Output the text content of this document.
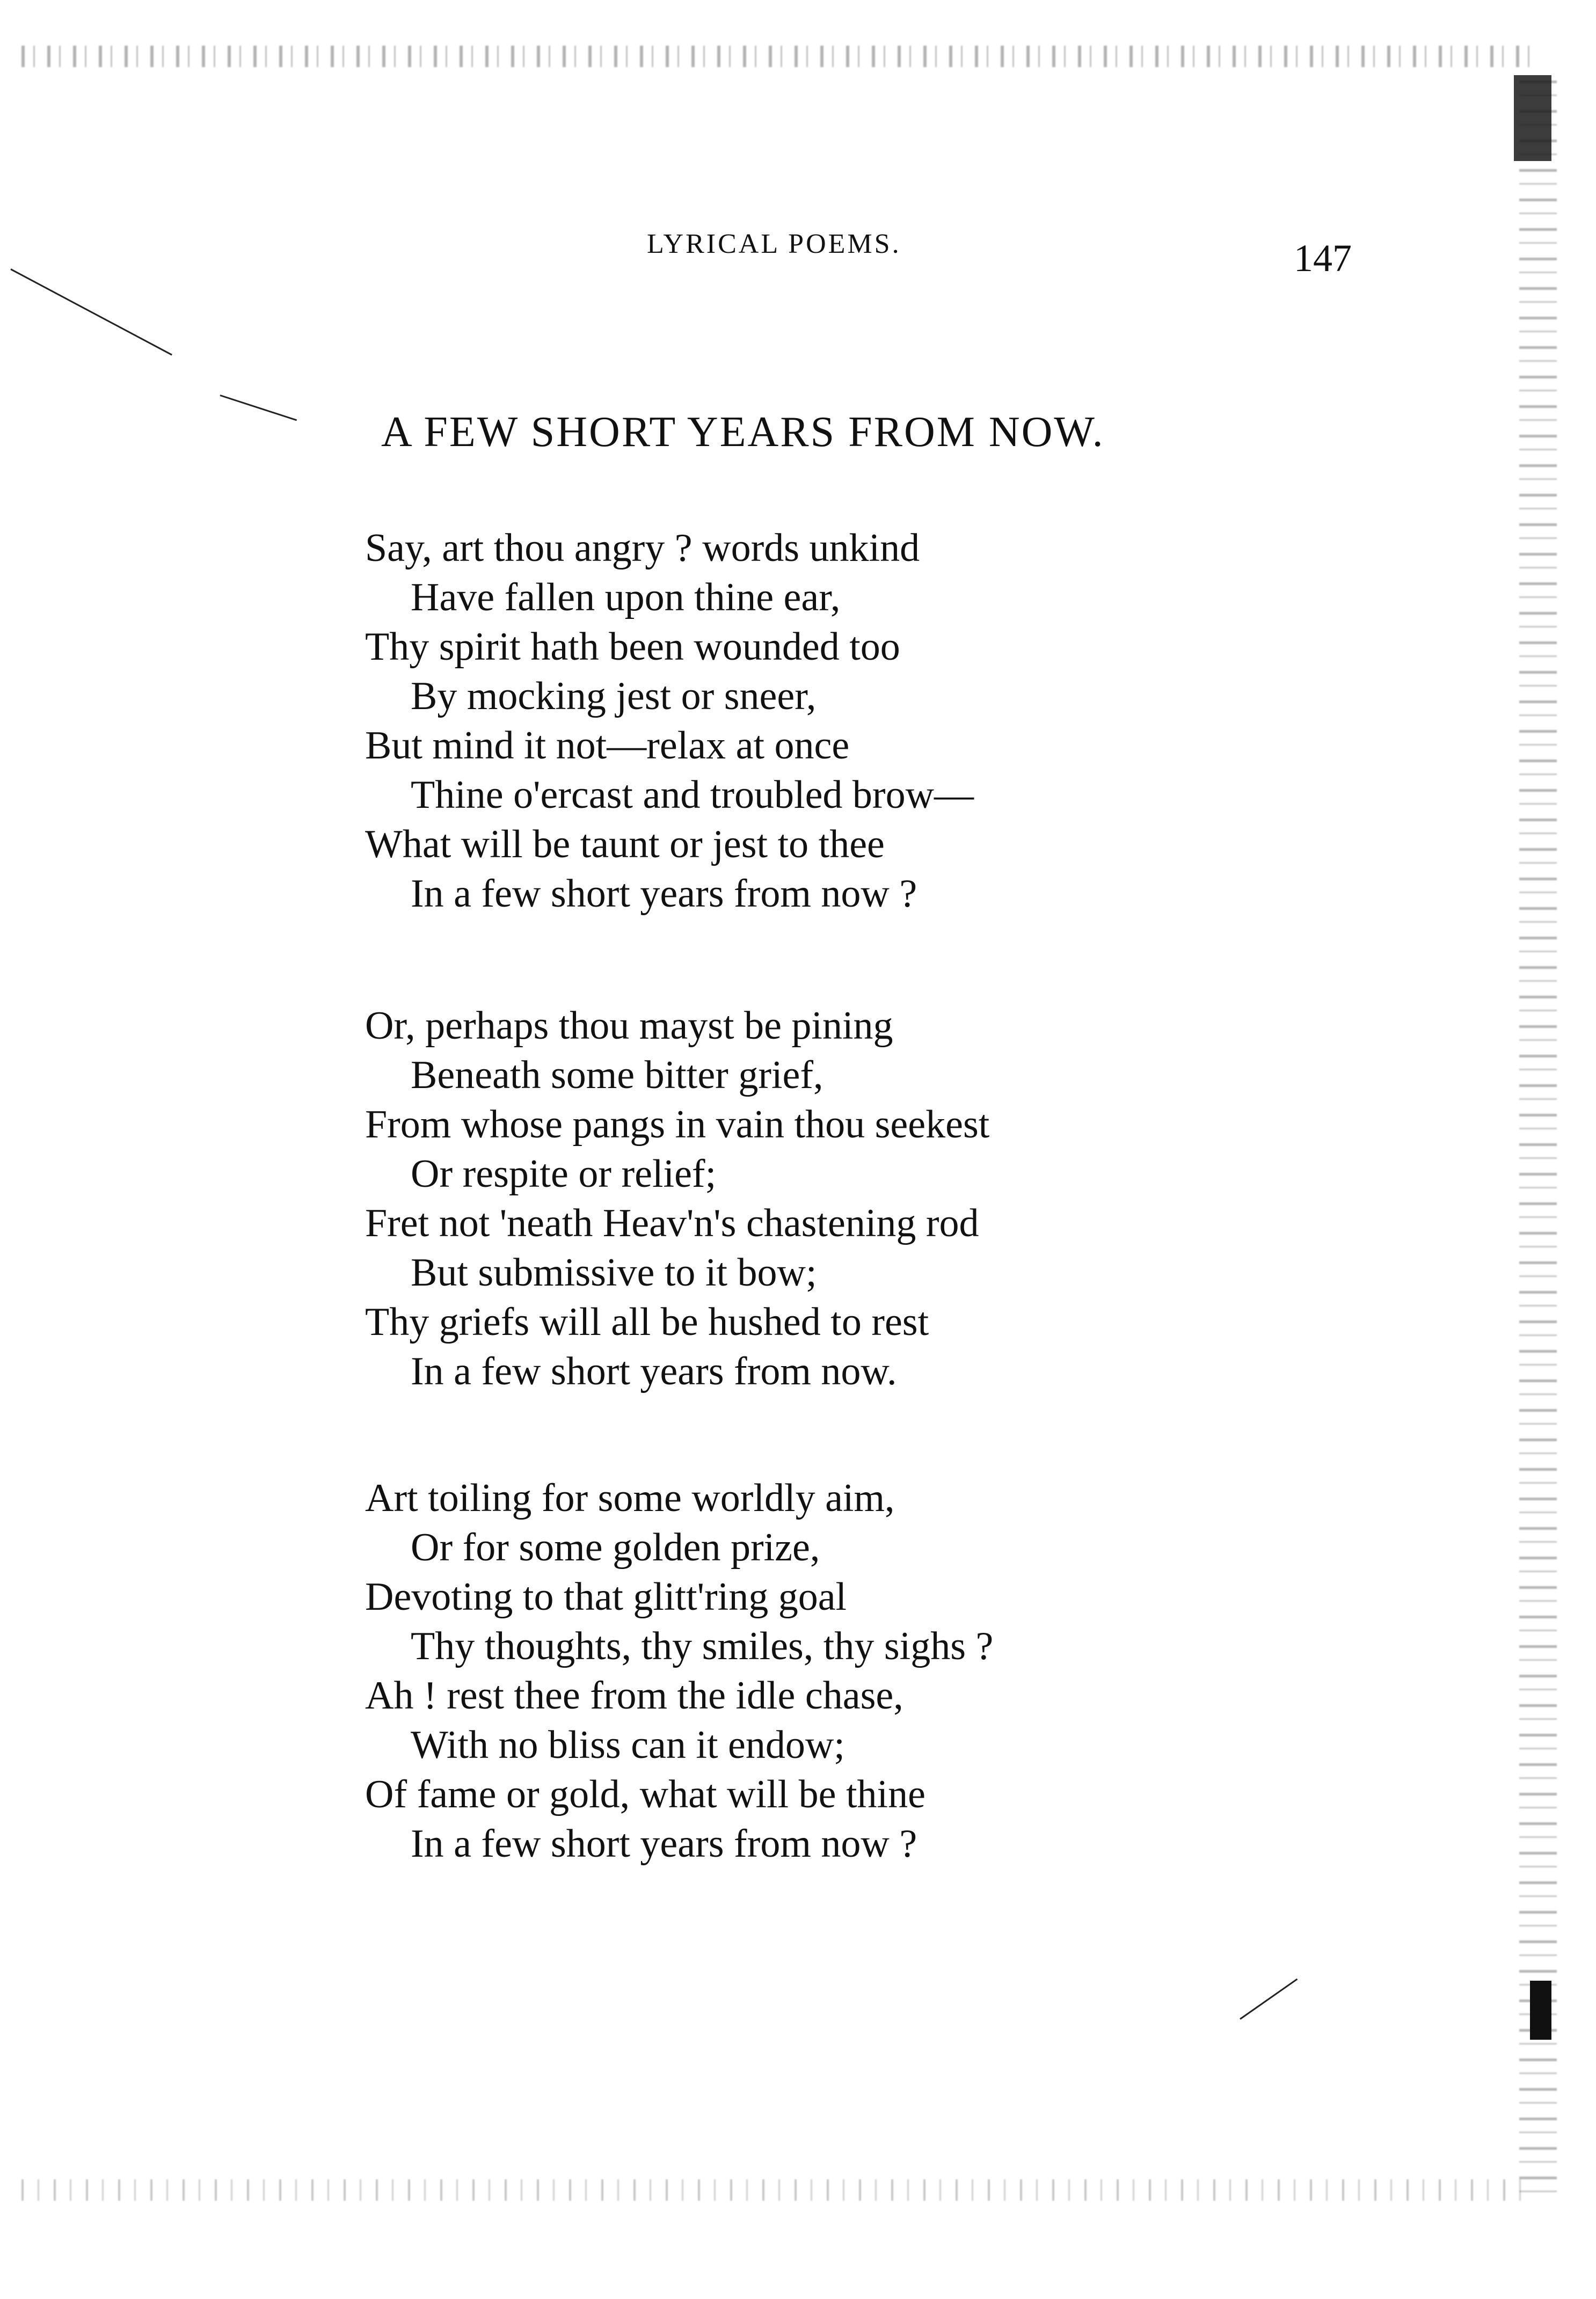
LYRICAL POEMS.	147
A FEW SHORT YEARS FROM NOW.
Say, art thou angry ? words unkind
Have fallen upon thine ear,
Thy spirit hath been wounded too
By mocking jest or sneer,
But mind it not—relax at once
Thine o'ercast and troubled brow—
What will be taunt or jest to thee
In a few short years from now ?
Or, perhaps thou mayst be pining
Beneath some bitter grief,
From whose pangs in vain thou seekest
Or respite or relief;
Fret not 'neath Heav'n's chastening rod
But submissive to it bow;
Thy griefs will all be hushed to rest
In a few short years from now.
Art toiling for some worldly aim,
Or for some golden prize,
Devoting to that glitt'ring goal
Thy thoughts, thy smiles, thy sighs ?
Ah ! rest thee from the idle chase,
With no bliss can it endow;
Of fame or gold, what will be thine
In a few short years from now ?
